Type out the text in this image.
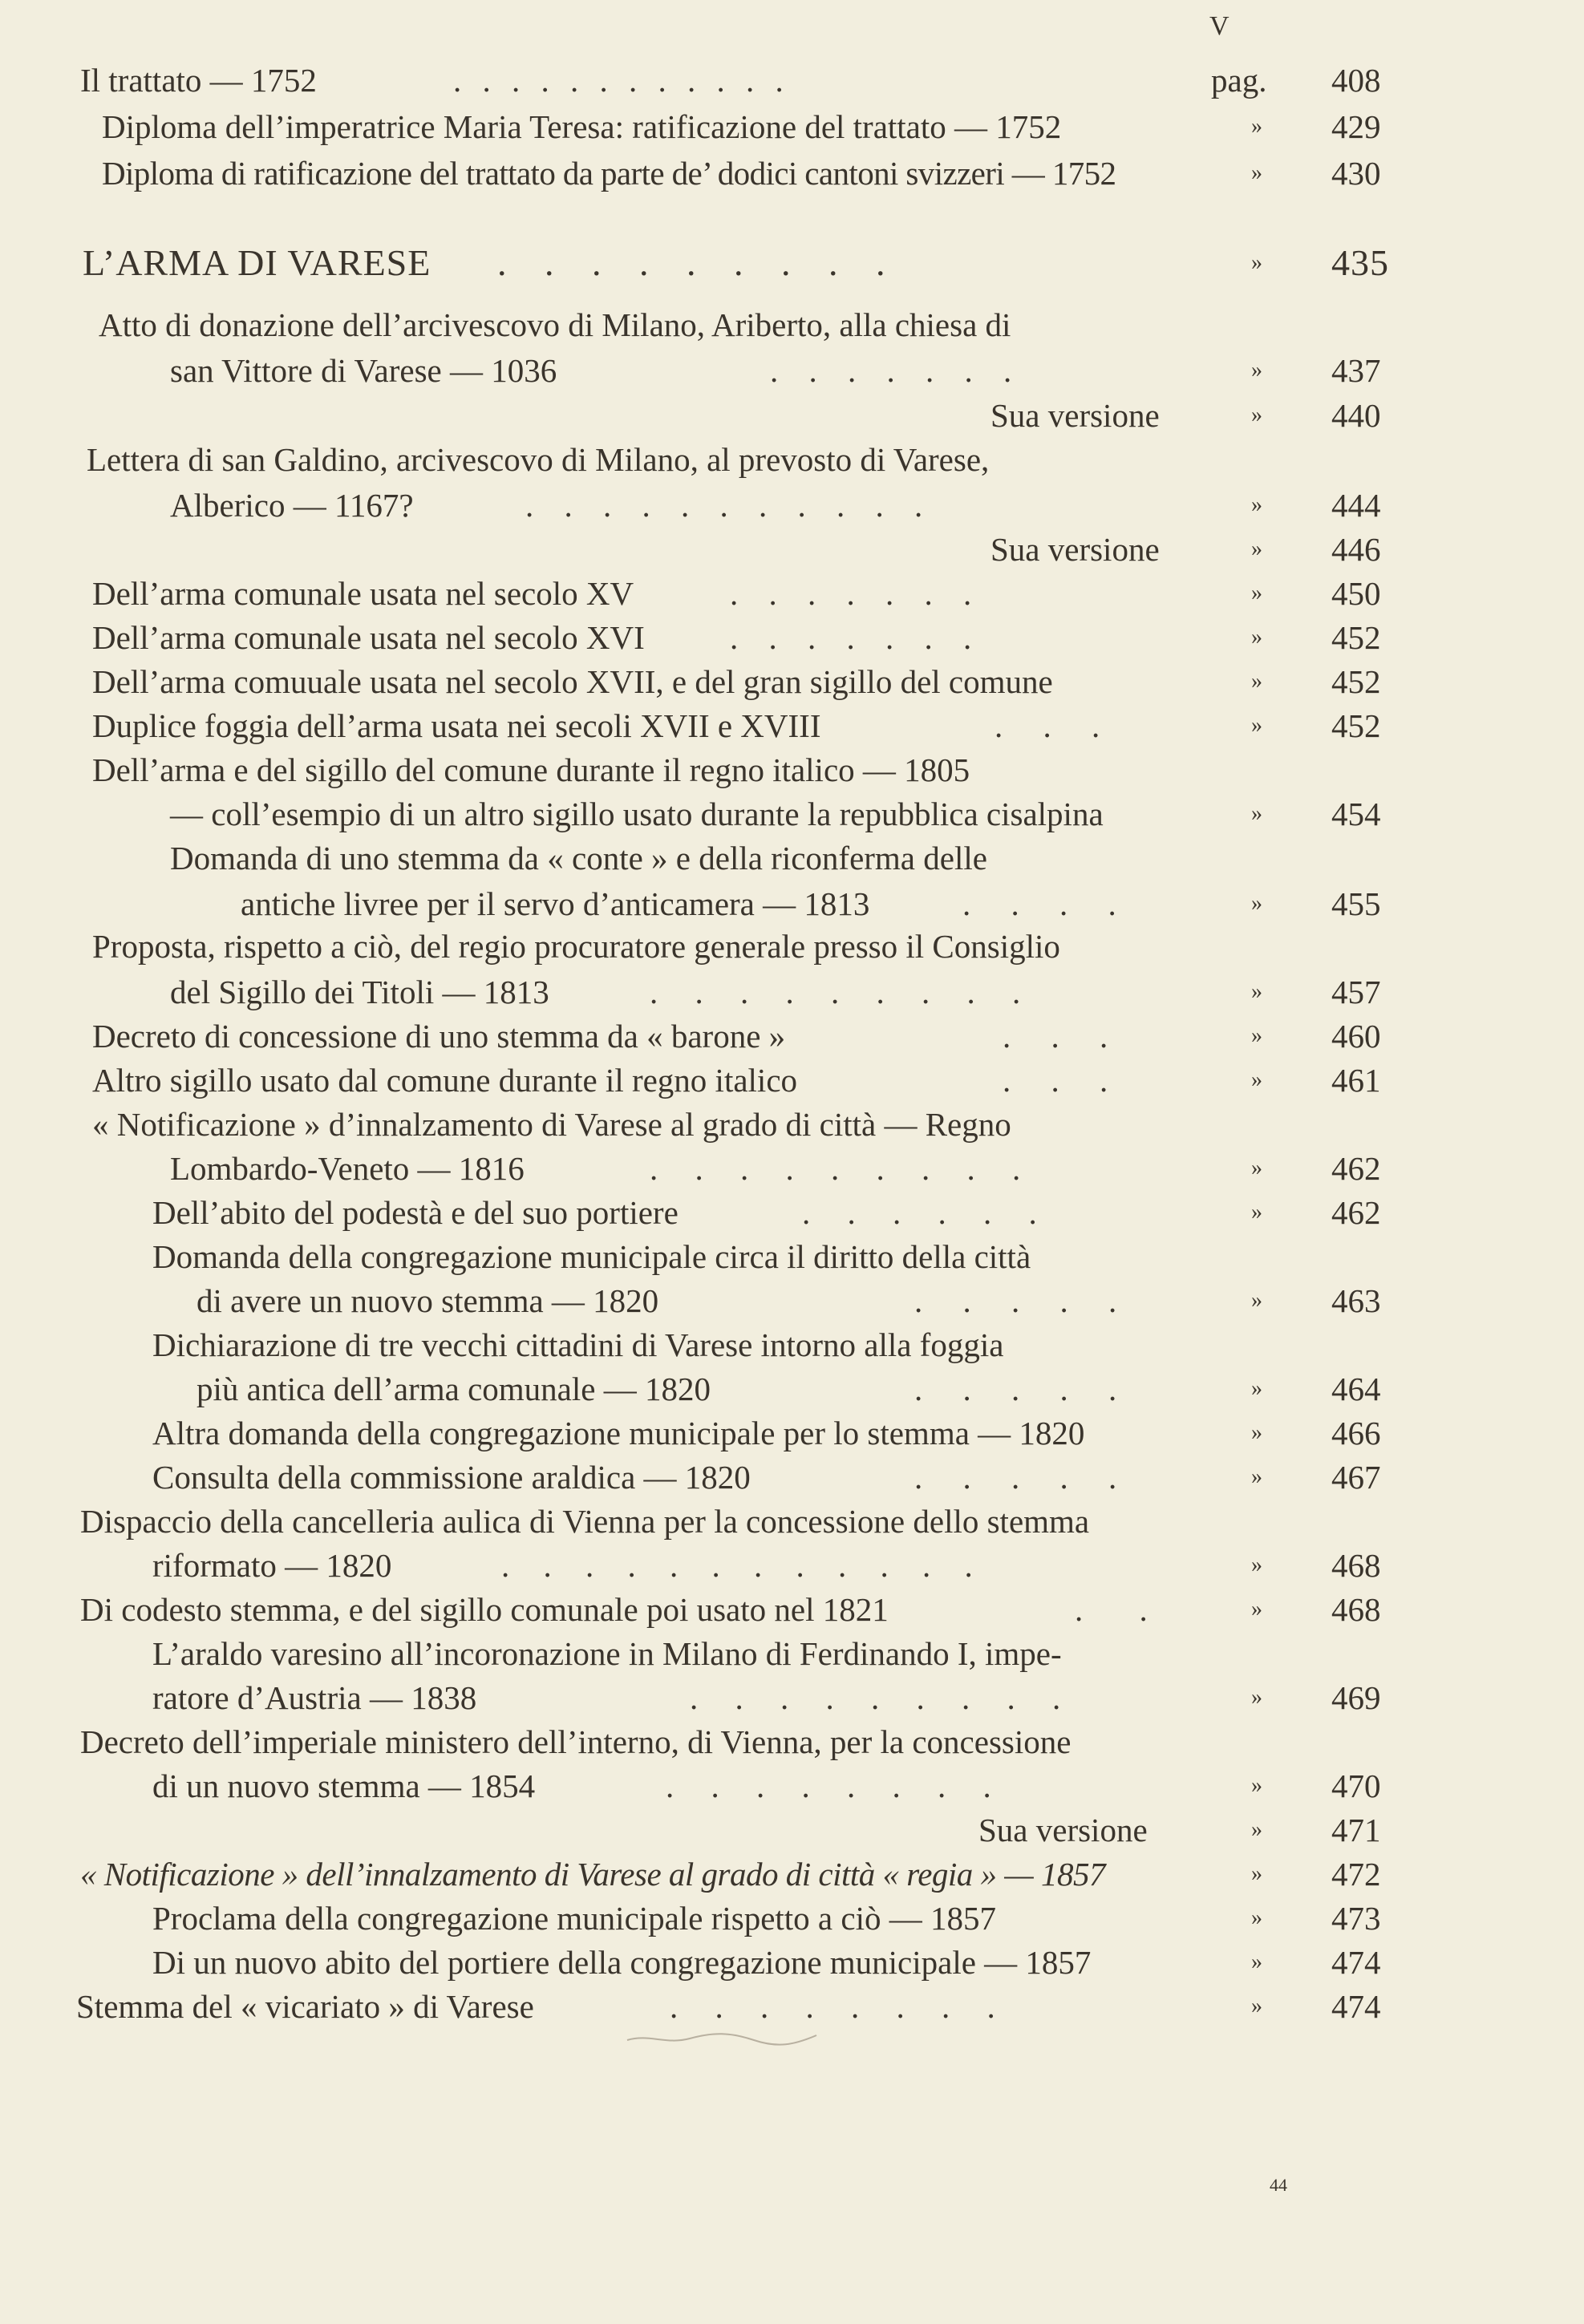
V
Il trattato — 1752	. . . . . . . . . . . .	pag. 408
Diploma dell’imperatrice Maria Teresa: ratificazione del trattato — 1752	» 429
Diploma di ratificazione del trattato da parte de’ dodici cantoni svizzeri — 1752	» 430
L’ARMA DI VARESE . . . . . . . . .	» 435
Atto di donazione dell’arcivescovo di Milano, Ariberto, alla chiesa di
san Vittore di Varese — 1036	. . . . . . .	» 437
Sua versione	» 440
Lettera di san Galdino, arcivescovo di Milano, al prevosto di Varese,
Alberico — 1167?	. . . . . . . . . . .	» 444
Sua versione	» 446
Dell’arma comunale usata nel secolo XV	. . . . . . .	» 450
Dell’arma comunale usata nel secolo XVI	. . . . . . .	» 452
Dell’arma comuuale usata nel secolo XVII, e del gran sigillo del comune	» 452
Duplice foggia dell’arma usata nei secoli XVII e XVIII	. . .	» 452
Dell’arma e del sigillo del comune durante il regno italico — 1805
— coll’esempio di un altro sigillo usato durante la repubblica cisalpina	» 454
Domanda di uno stemma da « conte » e della riconferma delle
antiche livree per il servo d’anticamera — 1813	. . . .	» 455
Proposta, rispetto a ciò, del regio procuratore generale presso il Consiglio
del Sigillo dei Titoli — 1813	. . . . . . . . .	» 457
Decreto di concessione di uno stemma da « barone »	. . .	» 460
Altro sigillo usato dal comune durante il regno italico	. . .	» 461
« Notificazione » d’innalzamento di Varese al grado di città — Regno
Lombardo-Veneto — 1816	. . . . . . . . .	» 462
Dell’abito del podestà e del suo portiere	. . . . . .	» 462
Domanda della congregazione municipale circa il diritto della città
di avere un nuovo stemma — 1820	. . . . .	» 463
Dichiarazione di tre vecchi cittadini di Varese intorno alla foggia
più antica dell’arma comunale — 1820	. . . . .	» 464
Altra domanda della congregazione municipale per lo stemma — 1820	» 466
Consulta della commissione araldica — 1820	. . . . .	» 467
Dispaccio della cancelleria aulica di Vienna per la concessione dello stemma
riformato — 1820	. . . . . . . . . . . .	» 468
Di codesto stemma, e del sigillo comunale poi usato nel 1821	. .	» 468
L’araldo varesino all’incoronazione in Milano di Ferdinando I, impe-
ratore d’Austria — 1838	. . . . . . . . .	» 469
Decreto dell’imperiale ministero dell’interno, di Vienna, per la concessione
di un nuovo stemma — 1854	. . . . . . . .	» 470
Sua versione	» 471
« Notificazione » dell’innalzamento di Varese al grado di città « regia » — 1857	» 472
Proclama della congregazione municipale rispetto a ciò — 1857	» 473
Di un nuovo abito del portiere della congregazione municipale — 1857	» 474
Stemma del « vicariato » di Varese	. . . . . . . .	» 474
44
